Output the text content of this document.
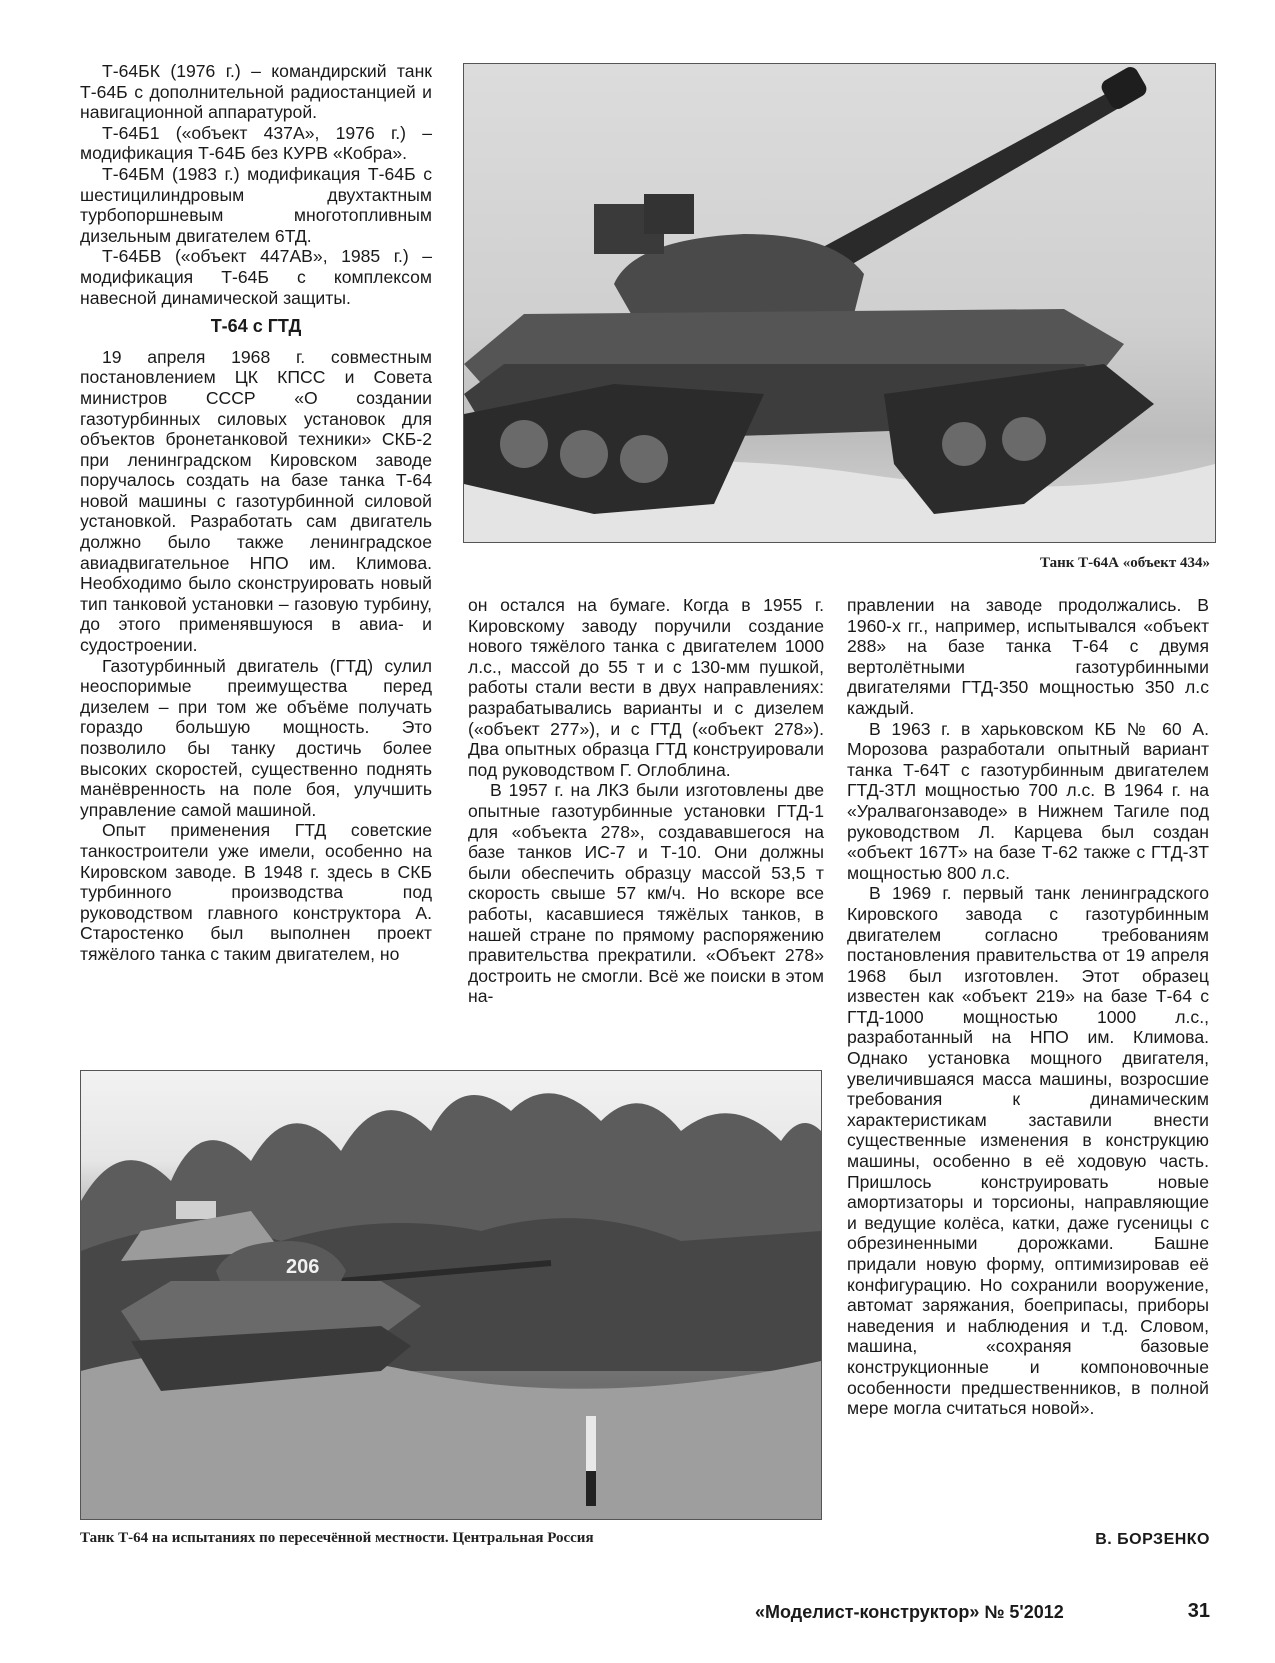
Т-64БК (1976 г.) – командирский танк Т-64Б с дополнительной радиостанцией и навигационной аппаратурой.

Т-64Б1 («объект 437А», 1976 г.) – модификация Т-64Б без КУРВ «Кобра».

Т-64БМ (1983 г.) модификация Т-64Б с шестицилиндровым двухтактным турбопоршневым многотопливным дизельным двигателем 6ТД.

Т-64БВ («объект 447АВ», 1985 г.) – модификация Т-64Б с комплексом навесной динамической защиты.

Т-64 с ГТД

19 апреля 1968 г. совместным постановлением ЦК КПСС и Совета министров СССР «О создании газотурбинных силовых установок для объектов бронетанковой техники» СКБ-2 при ленинградском Кировском заводе поручалось создать на базе танка Т-64 новой машины с газотурбинной силовой установкой. Разработать сам двигатель должно было также ленинградское авиадвигательное НПО им. Климова. Необходимо было сконструировать новый тип танковой установки – газовую турбину, до этого применявшуюся в авиа- и судостроении.

Газотурбинный двигатель (ГТД) сулил неоспоримые преимущества перед дизелем – при том же объёме получать гораздо большую мощность. Это позволило бы танку достичь более высоких скоростей, существенно поднять манёвренность на поле боя, улучшить управление самой машиной.

Опыт применения ГТД советские танкостроители уже имели, особенно на Кировском заводе. В 1948 г. здесь в СКБ турбинного производства под руководством главного конструктора А. Старостенко был выполнен проект тяжёлого танка с таким двигателем, но

Танк Т-64А «объект 434»

он остался на бумаге. Когда в 1955 г. Кировскому заводу поручили создание нового тяжёлого танка с двигателем 1000 л.с., массой до 55 т и с 130-мм пушкой, работы стали вести в двух направлениях: разрабатывались варианты и с дизелем («объект 277»), и с ГТД («объект 278»). Два опытных образца ГТД конструировали под руководством Г. Оглоблина.

В 1957 г. на ЛКЗ были изготовлены две опытные газотурбинные установки ГТД-1 для «объекта 278», создававшегося на базе танков ИС-7 и Т-10. Они должны были обеспечить образцу массой 53,5 т скорость свыше 57 км/ч. Но вскоре все работы, касавшиеся тяжёлых танков, в нашей стране по прямому распоряжению правительства прекратили. «Объект 278» достроить не смогли. Всё же поиски в этом на-

правлении на заводе продолжались. В 1960-х гг., например, испытывался «объект 288» на базе танка Т-64 с двумя вертолётными газотурбинными двигателями ГТД-350 мощностью 350 л.с каждый.

В 1963 г. в харьковском КБ № 60 А. Морозова разработали опытный вариант танка Т-64Т с газотурбинным двигателем ГТД-3ТЛ мощностью 700 л.с. В 1964 г. на «Уралвагонзаводе» в Нижнем Тагиле под руководством Л. Карцева был создан «объект 167Т» на базе Т-62 также с ГТД-3Т мощностью 800 л.с.

В 1969 г. первый танк ленинградского Кировского завода с газотурбинным двигателем согласно требованиям постановления правительства от 19 апреля 1968 был изготовлен. Этот образец известен как «объект 219» на базе Т-64 с ГТД-1000 мощностью 1000 л.с., разработанный на НПО им. Климова. Однако установка мощного двигателя, увеличившаяся масса машины, возросшие требования к динамическим характеристикам заставили внести существенные изменения в конструкцию машины, особенно в её ходовую часть. Пришлось конструировать новые амортизаторы и торсионы, направляющие и ведущие колёса, катки, даже гусеницы с обрезиненными дорожками. Башне придали новую форму, оптимизировав её конфигурацию. Но сохранили вооружение, автомат заряжания, боеприпасы, приборы наведения и наблюдения и т.д. Словом, машина, «сохраняя базовые конструкционные и компоновочные особенности предшественников, в полной мере могла считаться новой».

206
Танк Т-64 на испытаниях по пересечённой местности. Центральная Россия	В. БОРЗЕНКО
«Моделист-конструктор» № 5'2012	31
